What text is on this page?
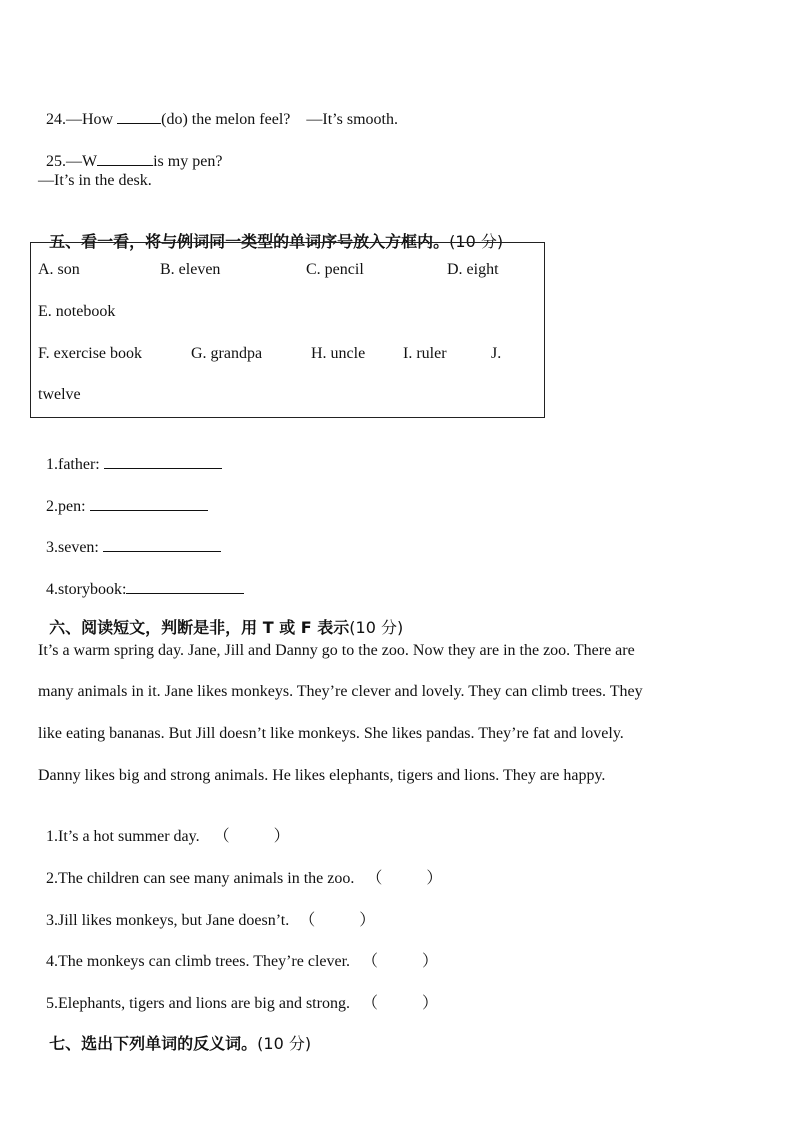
24.—How	(do) the melon feel? —It’s smooth.

25.—W	is my pen?

—It’s in the desk.

五、看一看，将与例词同一类型的单词序号放入方框内。(10 分)

A. son	B. eleven	C. pencil	D. eight
E. notebook
F. exercise book	G. grandpa	H. uncle I. ruler	J.
twelve

1.father:

2.pen:

3.seven:

4.storybook:

六、阅读短文，判断是非，用 T 或 F 表示(10 分)

It’s a warm spring day. Jane, Jill and Danny go to the zoo. Now they are in the zoo. There are
many animals in it. Jane likes monkeys. They’re clever and lovely. They can climb trees. They
like eating bananas. But Jill doesn’t like monkeys. She likes pandas. They’re fat and lovely.
Danny likes big and strong animals. He likes elephants, tigers and lions. They are happy.

1.It’s a hot summer day. （	）

2.The children can see many animals in the zoo. （	）

3.Jill likes monkeys, but Jane doesn’t. （	）

4.The monkeys can climb trees. They’re clever. （	）

5.Elephants, tigers and lions are big and strong. （	）

七、选出下列单词的反义词。(10 分)
